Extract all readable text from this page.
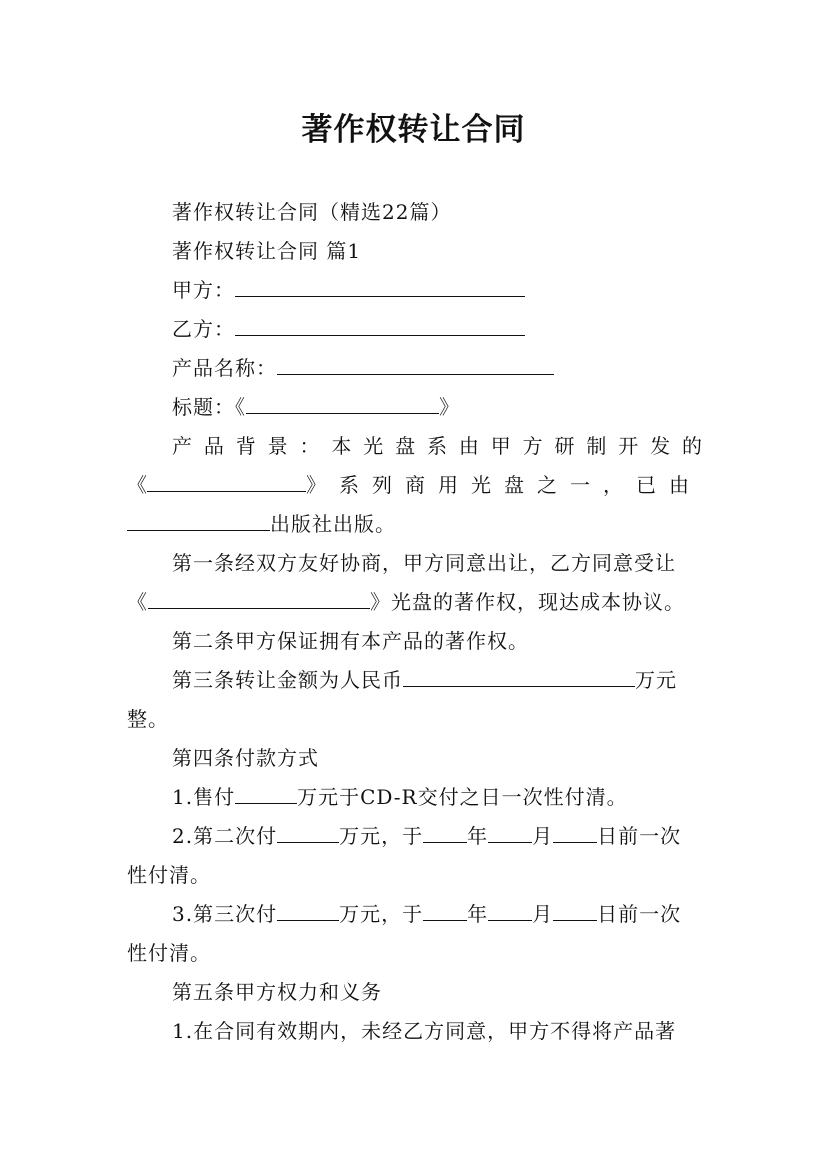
著作权转让合同
著作权转让合同（精选22篇）
著作权转让合同 篇1
甲方：
乙方：
产品名称：
标题：《	》
产品背景：本光盘系由甲方研制开发的
《	》系列商用光盘之一，已由
出版社出版。
第一条经双方友好协商，甲方同意出让，乙方同意受让
《	》光盘的著作权，现达成本协议。
第二条甲方保证拥有本产品的著作权。
第三条转让金额为人民币	万元
整。
第四条付款方式
1.售付	万元于CD-R交付之日一次性付清。
2.第二次付	万元，于 年 月 日前一次
性付清。
3.第三次付	万元，于 年 月 日前一次
性付清。
第五条甲方权力和义务
1.在合同有效期内，未经乙方同意，甲方不得将产品著
